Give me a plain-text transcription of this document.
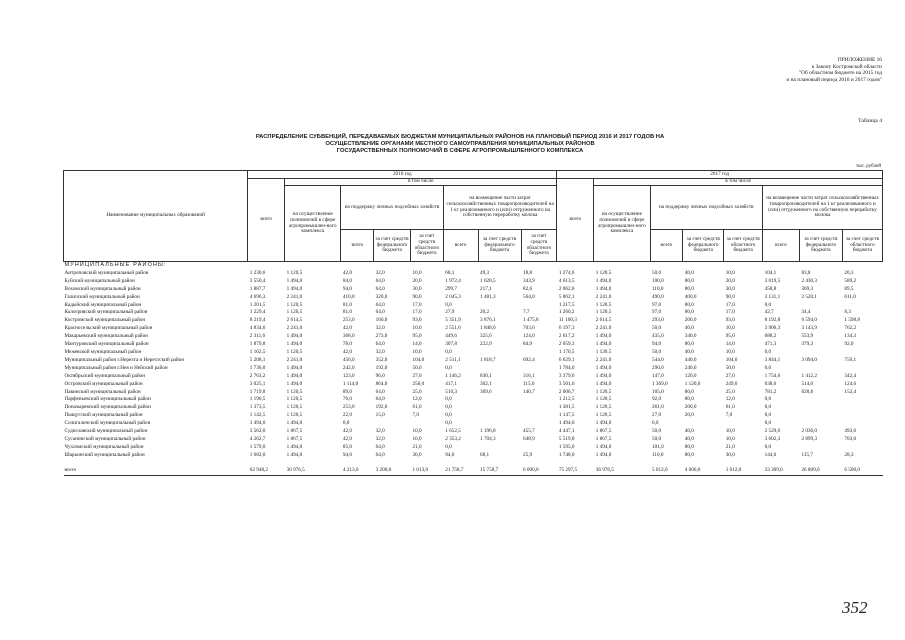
ПРИЛОЖЕНИЕ 16
к Закону Костромской области
"Об областном бюджете на 2015 год
и на плановый период 2016 и 2017 годов"
Таблица 4
РАСПРЕДЕЛЕНИЕ СУБВЕНЦИЙ, ПЕРЕДАВАЕМЫХ БЮДЖЕТАМ МУНИЦИПАЛЬНЫХ РАЙОНОВ НА ПЛАНОВЫЙ ПЕРИОД 2016 И 2017 ГОДОВ НА
ОСУЩЕСТВЛЕНИЕ ОРГАНАМИ МЕСТНОГО САМОУПРАВЛЕНИЯ МУНИЦИПАЛЬНЫХ РАЙОНОВ
ГОСУДАРСТВЕННЫХ ПОЛНОМОЧИЙ В СФЕРЕ АГРОПРОМЫШЛЕННОГО КОМПЛЕКСА
тыс. рублей
Наименование муниципальных образований	2016 год								2017 год							
	всего	в том числе							всего	в том числе						
		на осуществление полномочий в сфере агропромышлен-ного комплекса	на поддержку личных подсобных хозяйств			на возмещение части затрат сельскохозяйственных товаропроизводителей на 1 кг реализованного и (или) отгруженного на собственную переработку молока				на осуществление полномочий в сфере агропромышлен-ного комплекса	на поддержку личных подсобных хозяйств			на возмещение части затрат сельскохозяйственных товаропроизводителей на 1 кг реализованного и (или) отгруженного на собственную переработку молока		
			всего	за счет средств федерального бюджета	за счет средств областного бюджета	всего	за счет средств федерального бюджета	за счет средств областного бюджета			всего	за счет средств федерального бюджета	за счет средств областного бюджета	всего	за счет средств федерального бюджета	за счет средств областного бюджета
МУНИЦИПАЛЬНЫЕ РАЙОНЫ:																
Антроповский муниципальный район	1 230,6	1 120,5	42,0	32,0	10,0	68,1	49,3	18,8	1 274,6	1 120,5	50,0	40,0	10,0	104,1	83,8	20,3
Буйский муниципальный район	3 550,4	1 494,0	84,0	64,0	20,0	1 972,4	1 628,5	343,9	4 613,5	1 494,0	100,0	80,0	20,0	3 019,5	2 430,3	589,2
Вохомский муниципальный район	1 887,7	1 494,0	94,0	64,0	30,0	299,7	217,1	82,6	2 062,8	1 494,0	110,0	80,0	30,0	458,8	369,3	89,5
Галичский муниципальный район	4 696,3	2 241,0	410,0	320,0	90,0	2 045,3	1 481,3	564,0	5 862,1	2 241,0	490,0	400,0	90,0	3 131,1	2 520,1	611,0
Кадыйский муниципальный район	1 201,5	1 120,5	81,0	64,0	17,0	0,0			1 217,5	1 120,5	97,0	80,0	17,0	0,0		
Кологривский муниципальный район	1 229,4	1 120,5	81,0	64,0	17,0	27,9	20,2	7,7	1 260,2	1 120,5	97,0	80,0	17,0	42,7	34,4	8,3
Костромской муниципальный район	8 219,4	2 614,5	253,0	160,0	93,0	5 351,9	3 876,1	1 475,8	11 100,3	2 614,5	293,0	200,0	93,0	8 192,8	6 594,0	1 598,8
Красносельский муниципальный район	4 834,6	2 241,0	42,0	32,0	10,0	2 551,6	1 848,0	703,6	6 197,3	2 241,0	50,0	40,0	10,0	3 906,3	3 143,9	762,2
Макарьевский муниципальный район	2 311,6	1 494,0	368,0	273,0	95,0	449,6	325,6	124,0	2 617,2	1 494,0	435,0	340,0	95,0	688,2	553,9	134,3
Мантуровский муниципальный район	1 879,8	1 494,0	78,0	64,0	14,0	307,8	222,9	84,9	2 059,3	1 494,0	94,0	80,0	14,0	471,3	379,3	92,0
Межевской муниципальный район	1 162,5	1 120,5	42,0	32,0	10,0	0,0			1 170,5	1 120,5	50,0	40,0	10,0	0,0		
Муниципальный район г.Нерехта и Нерехтский район	5 208,1	2 241,0	456,0	352,0	104,0	2 511,1	1 818,7	692,4	6 629,1	2 241,0	544,0	440,0	104,0	3 844,1	3 094,0	750,1
Муниципальный район г.Нея и Нейский район	1 736,0	1 494,0	242,0	192,0	50,0	0,0			1 784,0	1 494,0	290,0	240,0	50,0	0,0		
Октябрьский муниципальный район	2 763,2	1 494,0	123,0	96,0	27,0	1 146,2	830,1	316,1	3 379,6	1 494,0	147,0	120,0	27,0	1 754,6	1 412,2	342,4
Островский муниципальный район	3 025,1	1 494,0	1 114,0	864,0	250,0	417,1	302,1	115,0	3 501,6	1 494,0	1 369,0	1 120,0	249,0	638,6	514,0	124,6
Павинский муниципальный район	1 719,8	1 120,5	89,0	64,0	25,0	510,3	369,6	140,7	2 006,7	1 120,5	105,0	80,0	25,0	781,2	628,8	152,4
Парфеньевский муниципальный район	1 196,5	1 120,5	76,0	64,0	12,0	0,0			1 212,5	1 120,5	92,0	80,0	12,0	0,0		
Поназыревский муниципальный район	1 373,5	1 120,5	253,0	192,0	61,0	0,0			1 381,5	1 120,5	261,0	200,0	61,0	0,0		
Пыщугский муниципальный район	1 142,5	1 120,5	22,0	15,0	7,0	0,0			1 147,5	1 120,5	27,0	20,0	7,0	0,0		
Солигаличский муниципальный район	1 494,0	1 494,0	0,0			0,0			1 494,0	1 494,0	0,0			0,0		
Судиславский муниципальный район	3 562,0	1 867,5	42,0	32,0	10,0	1 652,5	1 196,8	455,7	4 447,1	1 867,5	50,0	40,0	10,0	2 529,6	2 036,0	493,6
Сусанинский муниципальный район	4 262,7	1 867,5	42,0	32,0	10,0	2 353,2	1 704,3	648,9	5 519,8	1 867,5	50,0	40,0	10,0	3 602,3	2 899,3	703,0
Чухломский муниципальный район	1 579,0	1 494,0	85,0	64,0	21,0	0,0			1 595,0	1 494,0	101,0	80,0	21,0	0,0		
Шарьинский муниципальный район	1 682,0	1 494,0	94,0	64,0	30,0	94,0	68,1	25,9	1 748,0	1 494,0	110,0	80,0	30,0	144,0	115,7	28,3
всего	62 948,2	36 976,5	4 213,0	3 200,0	1 013,0	21 758,7	15 758,7	6 000,0	75 297,5	36 976,5	5 012,0	4 000,0	1 012,0	33 309,0	26 809,0	6 500,0
352
